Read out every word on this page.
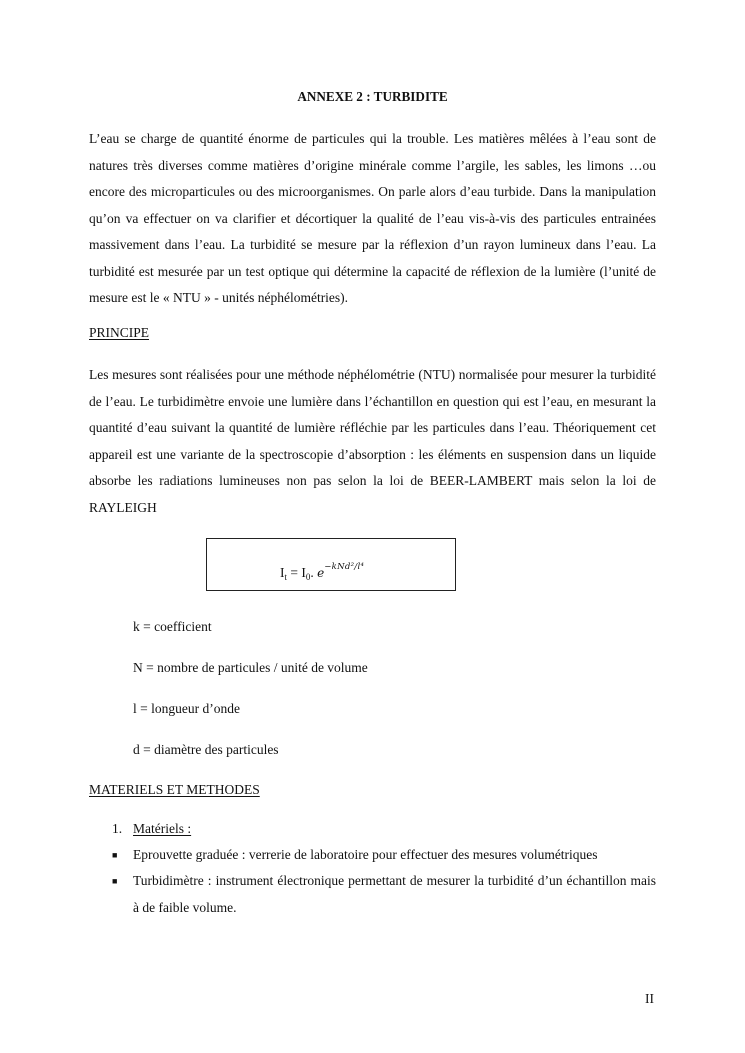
ANNEXE 2 : TURBIDITE
L’eau se charge de quantité énorme de particules qui la trouble. Les matières mêlées à l’eau sont de natures très diverses comme matières d’origine minérale comme l’argile, les sables, les limons …ou encore des microparticules ou des microorganismes. On parle alors d’eau turbide. Dans la manipulation qu’on va effectuer on va clarifier et décortiquer la qualité de l’eau vis-à-vis des particules entrainées massivement dans l’eau. La turbidité se mesure par la réflexion d’un rayon lumineux dans l’eau. La turbidité est mesurée par un test optique qui détermine la capacité de réflexion de la lumière (l’unité de mesure est le « NTU » - unités néphélométries).
PRINCIPE
Les mesures sont réalisées pour une méthode néphélométrie (NTU) normalisée pour mesurer la turbidité de l’eau. Le turbidimètre envoie une lumière dans l’échantillon en question qui est l’eau, en mesurant la quantité d’eau suivant la quantité de lumière réfléchie par les particules dans l’eau. Théoriquement cet appareil est une variante de la spectroscopie d’absorption : les éléments en suspension dans un liquide absorbe les radiations lumineuses non pas selon la loi de BEER-LAMBERT mais selon la loi de RAYLEIGH
$I_t = I_0$. $e^{-kNd^2/l^4}$
k = coefficient
N = nombre de particules / unité de volume
l = longueur d’onde
d = diamètre des particules
MATERIELS ET METHODES
1. Matériels :
■ Eprouvette graduée : verrerie de laboratoire pour effectuer des mesures volumétriques
■ Turbidimètre : instrument électronique permettant de mesurer la turbidité d’un échantillon mais à de faible volume.
II
